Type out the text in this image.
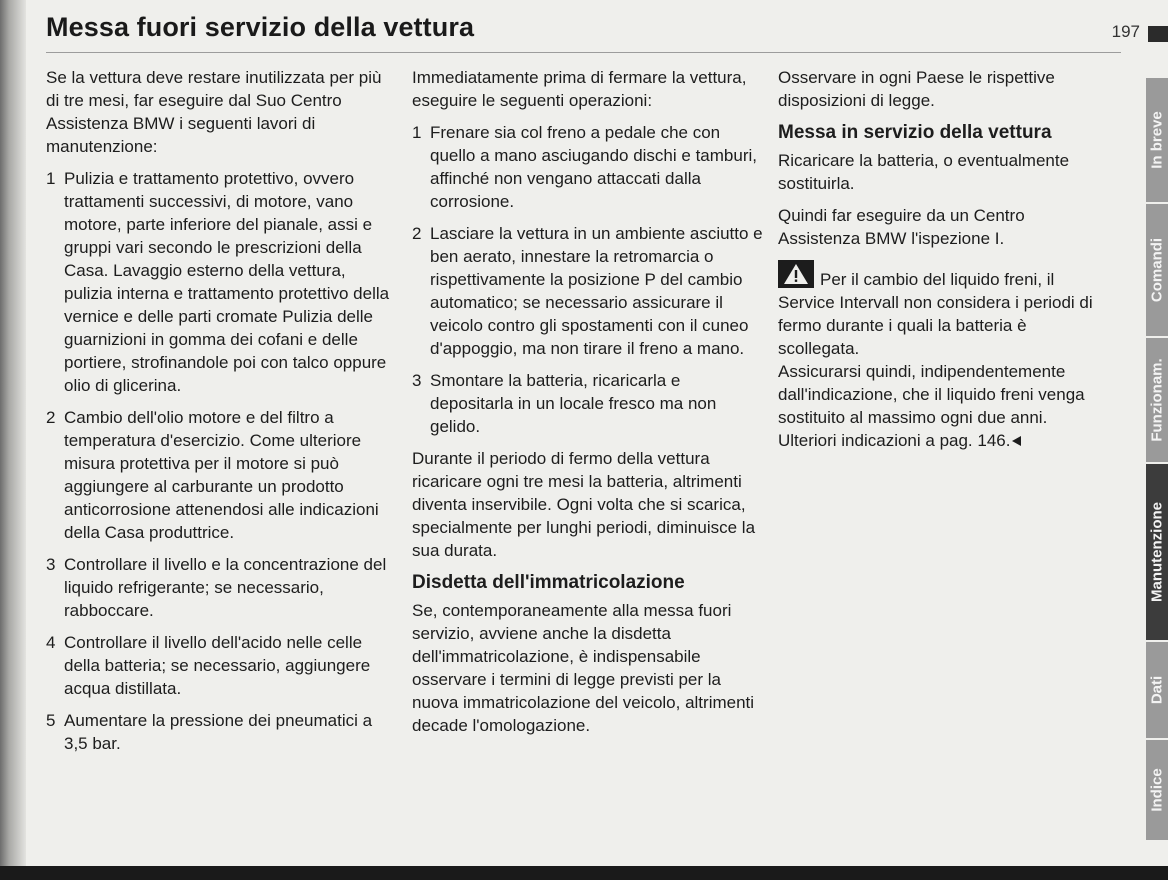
Messa fuori servizio della vettura	197

Se la vettura deve restare inutilizzata per più di tre mesi, far eseguire dal Suo Centro Assistenza BMW i seguenti lavori di manutenzione:

1 Pulizia e trattamento protettivo, ovvero trattamenti successivi, di motore, vano motore, parte inferiore del pianale, assi e gruppi vari secondo le prescrizioni della Casa. Lavaggio esterno della vettura, pulizia interna e trattamento protettivo della vernice e delle parti cromate Pulizia delle guarnizioni in gomma dei cofani e delle portiere, strofinandole poi con talco oppure olio di glicerina.
2 Cambio dell'olio motore e del filtro a temperatura d'esercizio. Come ulteriore misura protettiva per il motore si può aggiungere al carburante un prodotto anticorrosione attenendosi alle indicazioni della Casa produttrice.
3 Controllare il livello e la concentrazione del liquido refrigerante; se necessario, rabboccare.
4 Controllare il livello dell'acido nelle celle della batteria; se necessario, aggiungere acqua distillata.
5 Aumentare la pressione dei pneumatici a 3,5 bar.

Immediatamente prima di fermare la vettura, eseguire le seguenti operazioni:

1 Frenare sia col freno a pedale che con quello a mano asciugando dischi e tamburi, affinché non vengano attaccati dalla corrosione.
2 Lasciare la vettura in un ambiente asciutto e ben aerato, innestare la retromarcia o rispettivamente la posizione P del cambio automatico; se necessario assicurare il veicolo contro gli spostamenti con il cuneo d'appoggio, ma non tirare il freno a mano.
3 Smontare la batteria, ricaricarla e depositarla in un locale fresco ma non gelido.

Durante il periodo di fermo della vettura ricaricare ogni tre mesi la batteria, altrimenti diventa inservibile. Ogni volta che si scarica, specialmente per lunghi periodi, diminuisce la sua durata.

Disdetta dell'immatricolazione

Se, contemporaneamente alla messa fuori servizio, avviene anche la disdetta dell'immatricolazione, è indispensabile osservare i termini di legge previsti per la nuova immatricolazione del veicolo, altrimenti decade l'omologazione.

Osservare in ogni Paese le rispettive disposizioni di legge.

Messa in servizio della vettura

Ricaricare la batteria, o eventualmente sostituirla.

Quindi far eseguire da un Centro Assistenza BMW l'ispezione I.

Per il cambio del liquido freni, il Service Intervall non considera i periodi di fermo durante i quali la batteria è scollegata.

Assicurarsi quindi, indipendentemente dall'indicazione, che il liquido freni venga sostituito al massimo ogni due anni. Ulteriori indicazioni a pag. 146.

In breve
Comandi
Funzionam.
Manutenzione
Dati
Indice
